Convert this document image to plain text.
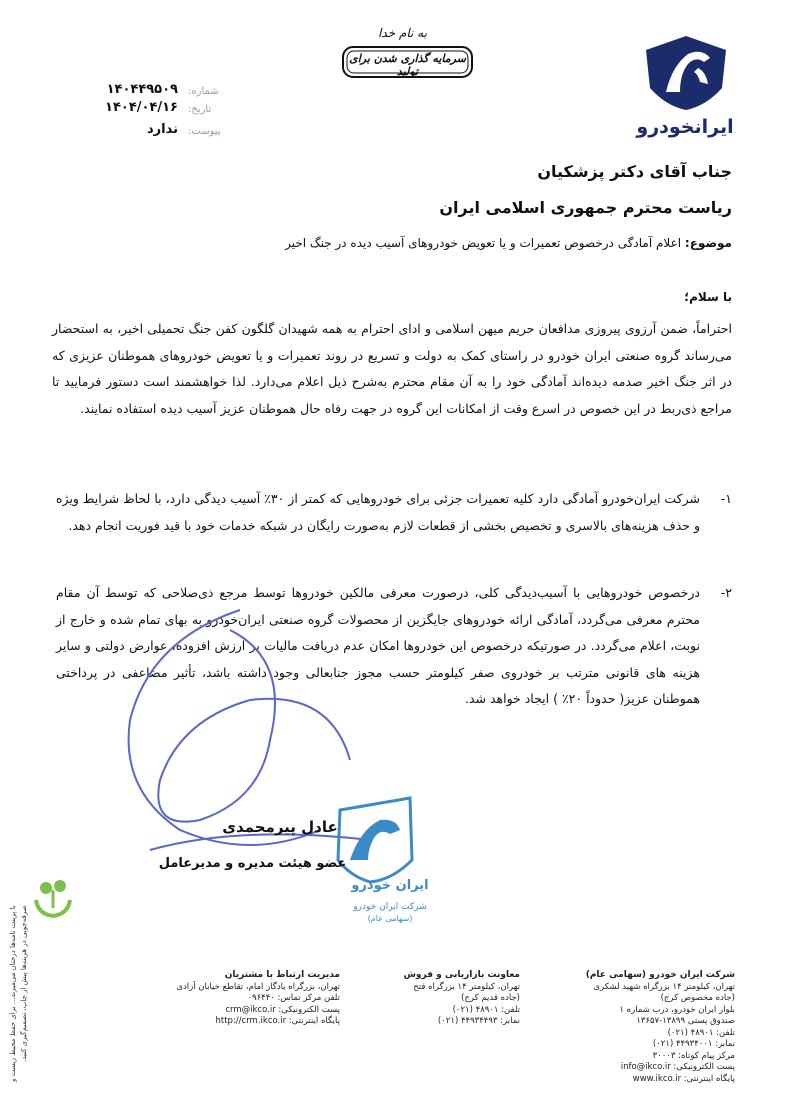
به نام خدا
سرمایه گذاری شدن برای تولید
ایرانخودرو
شماره:
۱۴۰۴۴۹۵۰۹
تاریخ:
۱۴۰۴/۰۴/۱۶
پیوست:
ندارد
جناب آقای دکتر پزشکیان
ریاست محترم جمهوری اسلامی ایران
موضوع: اعلام آمادگی درخصوص تعمیرات و یا تعویض خودروهای آسیب دیده در جنگ اخیر
با سلام؛
احتراماً، ضمن آرزوی پیروزی مدافعان حریم میهن اسلامی و ادای احترام به همه شهیدان گلگون کفن جنگ تحمیلی اخیر، به استحضار می‌رساند گروه صنعتی ایران خودرو در راستای کمک به دولت و تسریع در روند تعمیرات و یا تعویض خودروهای هموطنان عزیزی که در اثر جنگ اخیر صدمه دیده‌اند آمادگی خود را به آن مقام محترم به‌شرح ذیل اعلام می‌دارد. لذا خواهشمند است دستور فرمایید تا مراجع ذی‌ربط در این خصوص در اسرع وقت از امکانات این گروه در جهت رفاه حال هموطنان عزیز آسیب دیده استفاده نمایند.
۱-
شرکت ایران‌خودرو آمادگی دارد کلیه تعمیرات جزئی برای خودروهایی که کمتر از ۳۰٪ آسیب دیدگی دارد، با لحاظ شرایط ویژه و حذف هزینه‌های بالاسری و تخصیص بخشی از قطعات لازم به‌صورت رایگان در شبکه خدمات خود با قید فوریت انجام دهد.
۲-
درخصوص خودروهایی با آسیب‌دیدگی کلی، درصورت معرفی مالکین خودروها توسط مرجع ذی‌صلاحی که توسط آن مقام محترم معرفی می‌گردد، آمادگی ارائه خودروهای جایگزین از محصولات گروه صنعتی ایران‌خودرو به بهای تمام شده و خارج از نوبت، اعلام می‌گردد. در صورتیکه درخصوص این خودروها امکان عدم دریافت مالیات بر ارزش افزوده، عوارض دولتی و سایر هزینه های قانونی مترتب بر خودروی صفر کیلومتر حسب مجوز جنابعالی وجود داشته باشد، تأثیر مضاعفی در پرداختی هموطنان عزیز( حدوداً ۲۰٪ ) ایجاد خواهد شد.
ایران خودرو
شرکت ایران خودرو
(سهامی عام)
عادل پیرمحمدی
عضو هیئت مدیره و مدیرعامل
با پرینت نامه‌ها درختان می‌میرند... برای حفظ محیط زیست و صرفه‌جویی در هزینه‌ها پیش از چاپ، تصمیم‌گیری کنید.	شرکت ایران خودرو (سهامی عام)
تهران، کیلومتر ۱۴ بزرگراه شهید لشکری
(جاده مخصوص کرج)
بلوار ایران خودرو، درب شماره ۱
صندوق پستی ۱۳۸۹۹-۱۳۶۵۷
تلفن: ۴۸۹۰۱ (۰۲۱)
نمابر: ۴۴۹۳۴۰۰۱ (۰۲۱)
مرکز پیام کوتاه: ۳۰۰۰۳
پست الکترونیکی: info@ikco.ir
پایگاه اینترنتی: www.ikco.ir
معاونت بازاریابی و فروش
تهران، کیلومتر ۱۴ بزرگراه فتح
(جاده قدیم کرج)
تلفن: ۴۸۹۰۱ (۰۲۱)
نمابر: ۴۴۹۳۴۴۹۳ (۰۲۱)
مدیریت ارتباط با مشتریان
تهران، بزرگراه یادگار امام، تقاطع خیابان آزادی
تلفن مرکز تماس: ۰۹۶۴۴۰
پست الکترونیکی: crm@ikco.ir
پایگاه اینترنتی: http://crm.ikco.ir
